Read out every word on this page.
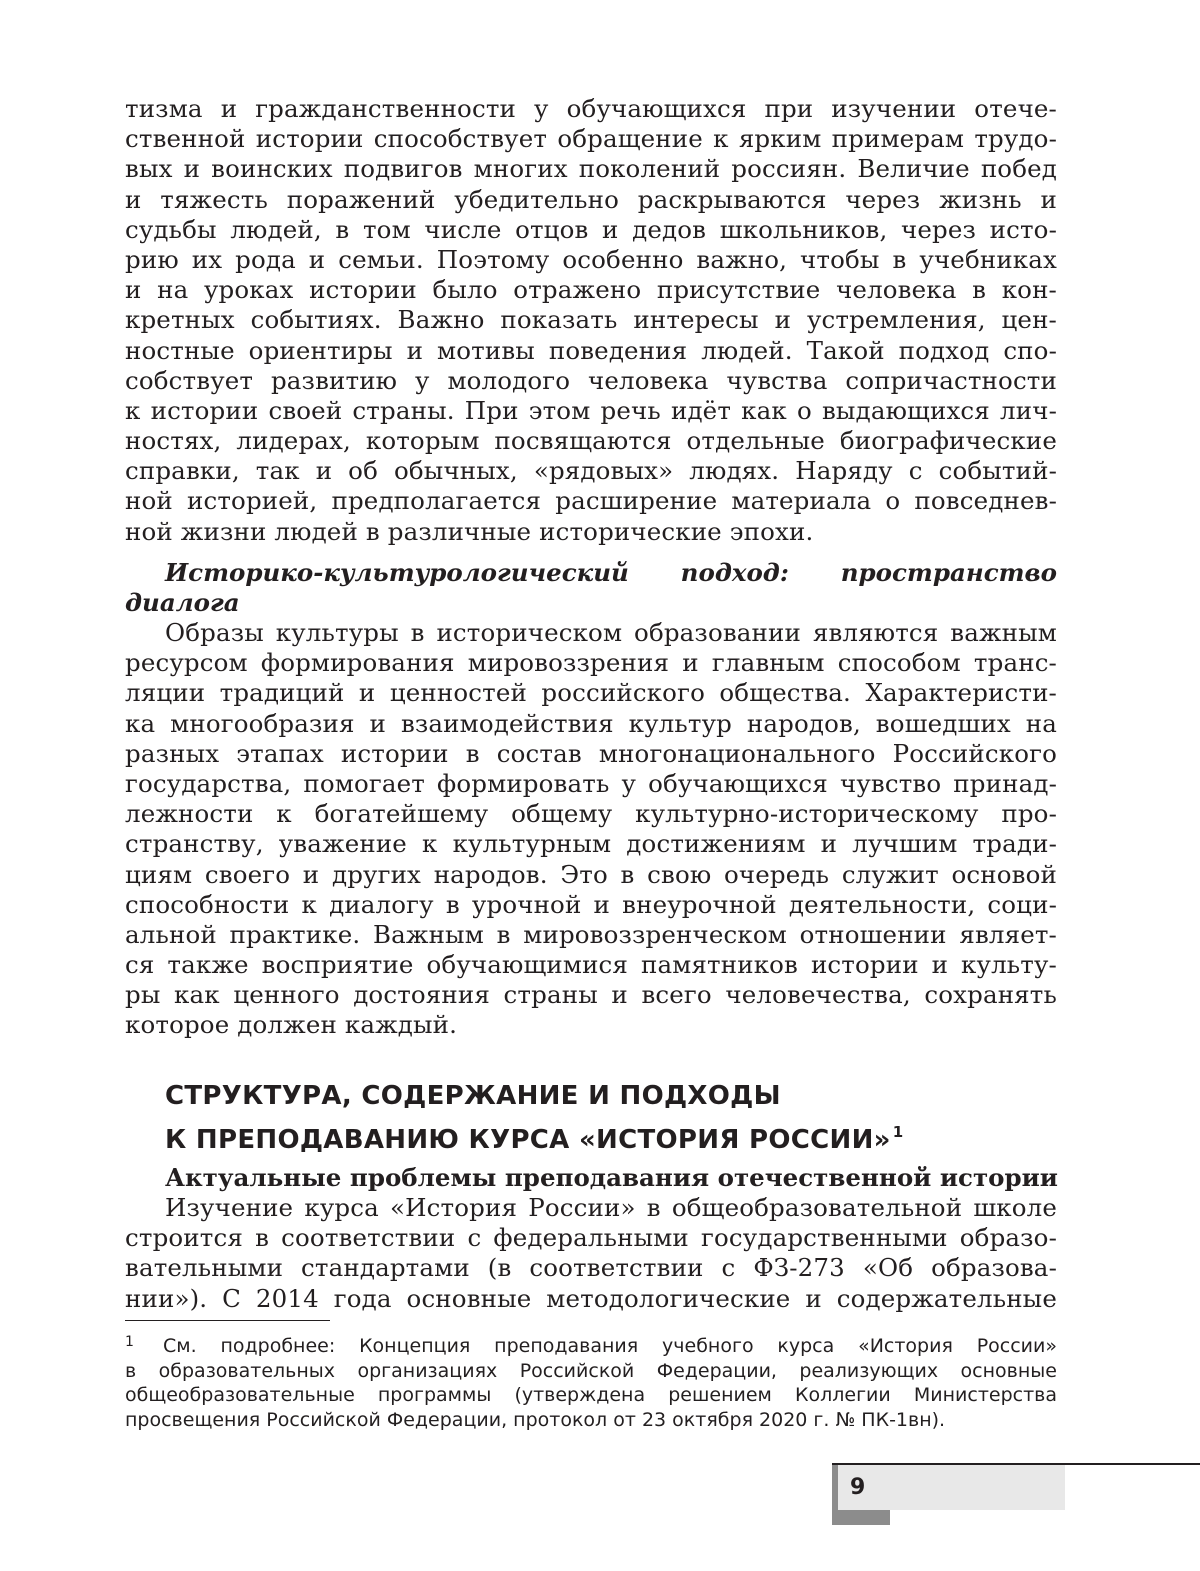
тизма и гражданственности у обучающихся при изучении отече-
ственной истории способствует обращение к ярким примерам трудо-
вых и воинских подвигов многих поколений россиян. Величие побед
и тяжесть поражений убедительно раскрываются через жизнь и
судьбы людей, в том числе отцов и дедов школьников, через исто-
рию их рода и семьи. Поэтому особенно важно, чтобы в учебниках
и на уроках истории было отражено присутствие человека в кон-
кретных событиях. Важно показать интересы и устремления, цен-
ностные ориентиры и мотивы поведения людей. Такой подход спо-
собствует развитию у молодого человека чувства сопричастности
к истории своей страны. При этом речь идёт как о выдающихся лич-
ностях, лидерах, которым посвящаются отдельные биографические
справки, так и об обычных, «рядовых» людях. Наряду с событий-
ной историей, предполагается расширение материала о повседнев-
ной жизни людей в различные исторические эпохи.
Историко-культурологический подход: пространство
диалога
Образы культуры в историческом образовании являются важным
ресурсом формирования мировоззрения и главным способом транс-
ляции традиций и ценностей российского общества. Характеристи-
ка многообразия и взаимодействия культур народов, вошедших на
разных этапах истории в состав многонационального Российского
государства, помогает формировать у обучающихся чувство принад-
лежности к богатейшему общему культурно-историческому про-
странству, уважение к культурным достижениям и лучшим тради-
циям своего и других народов. Это в свою очередь служит основой
способности к диалогу в урочной и внеурочной деятельности, соци-
альной практике. Важным в мировоззренческом отношении являет-
ся также восприятие обучающимися памятников истории и культу-
ры как ценного достояния страны и всего человечества, сохранять
которое должен каждый.
СТРУКТУРА, СОДЕРЖАНИЕ И ПОДХОДЫ
К ПРЕПОДАВАНИЮ КУРСА «ИСТОРИЯ РОССИИ» $^1$
Актуальные проблемы преподавания отечественной истории
Изучение курса «История России» в общеобразовательной школе
строится в соответствии с федеральными государственными образо-
вательными стандартами (в соответствии с ФЗ-273 «Об образова-
нии»). С 2014 года основные методологические и содержательные
1 См. подробнее: Концепция преподавания учебного курса «История России»
в образовательных организациях Российской Федерации, реализующих основные
общеобразовательные программы (утверждена решением Коллегии Министерства
просвещения Российской Федерации, протокол от 23 октября 2020 г. № ПК-1вн).
9
